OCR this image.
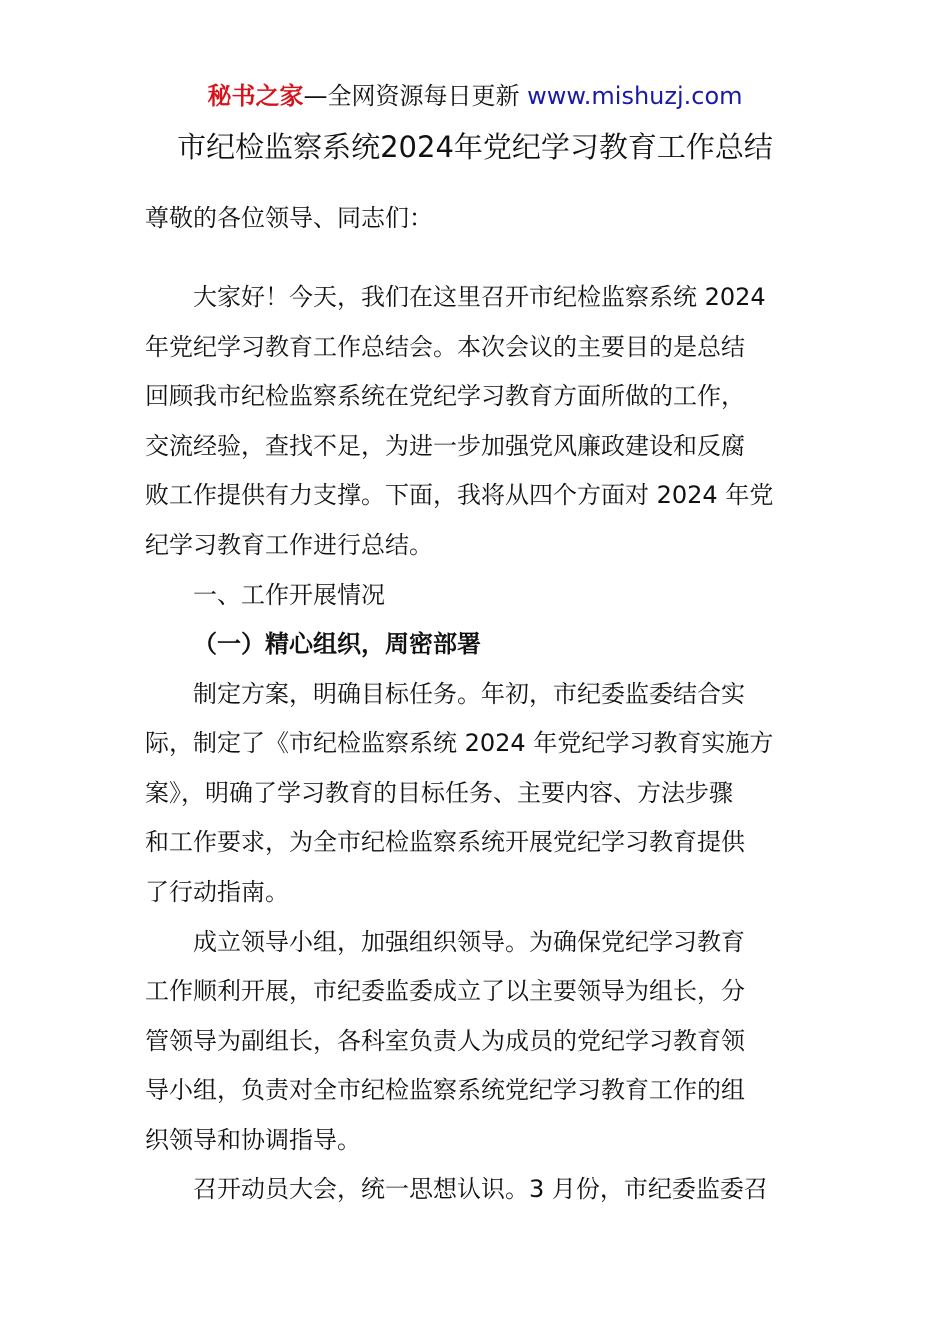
秘书之家—全网资源每日更新 www.mishuzj.com
市纪检监察系统2024年党纪学习教育工作总结
尊敬的各位领导、同志们：
大家好！今天，我们在这里召开市纪检监察系统 2024
年党纪学习教育工作总结会。本次会议的主要目的是总结
回顾我市纪检监察系统在党纪学习教育方面所做的工作，
交流经验，查找不足，为进一步加强党风廉政建设和反腐
败工作提供有力支撑。下面，我将从四个方面对 2024 年党
纪学习教育工作进行总结。
一、工作开展情况
（一）精心组织，周密部署
制定方案，明确目标任务。年初，市纪委监委结合实
际，制定了《市纪检监察系统 2024 年党纪学习教育实施方
案》，明确了学习教育的目标任务、主要内容、方法步骤
和工作要求，为全市纪检监察系统开展党纪学习教育提供
了行动指南。
成立领导小组，加强组织领导。为确保党纪学习教育
工作顺利开展，市纪委监委成立了以主要领导为组长，分
管领导为副组长，各科室负责人为成员的党纪学习教育领
导小组，负责对全市纪检监察系统党纪学习教育工作的组
织领导和协调指导。
召开动员大会，统一思想认识。3 月份，市纪委监委召
